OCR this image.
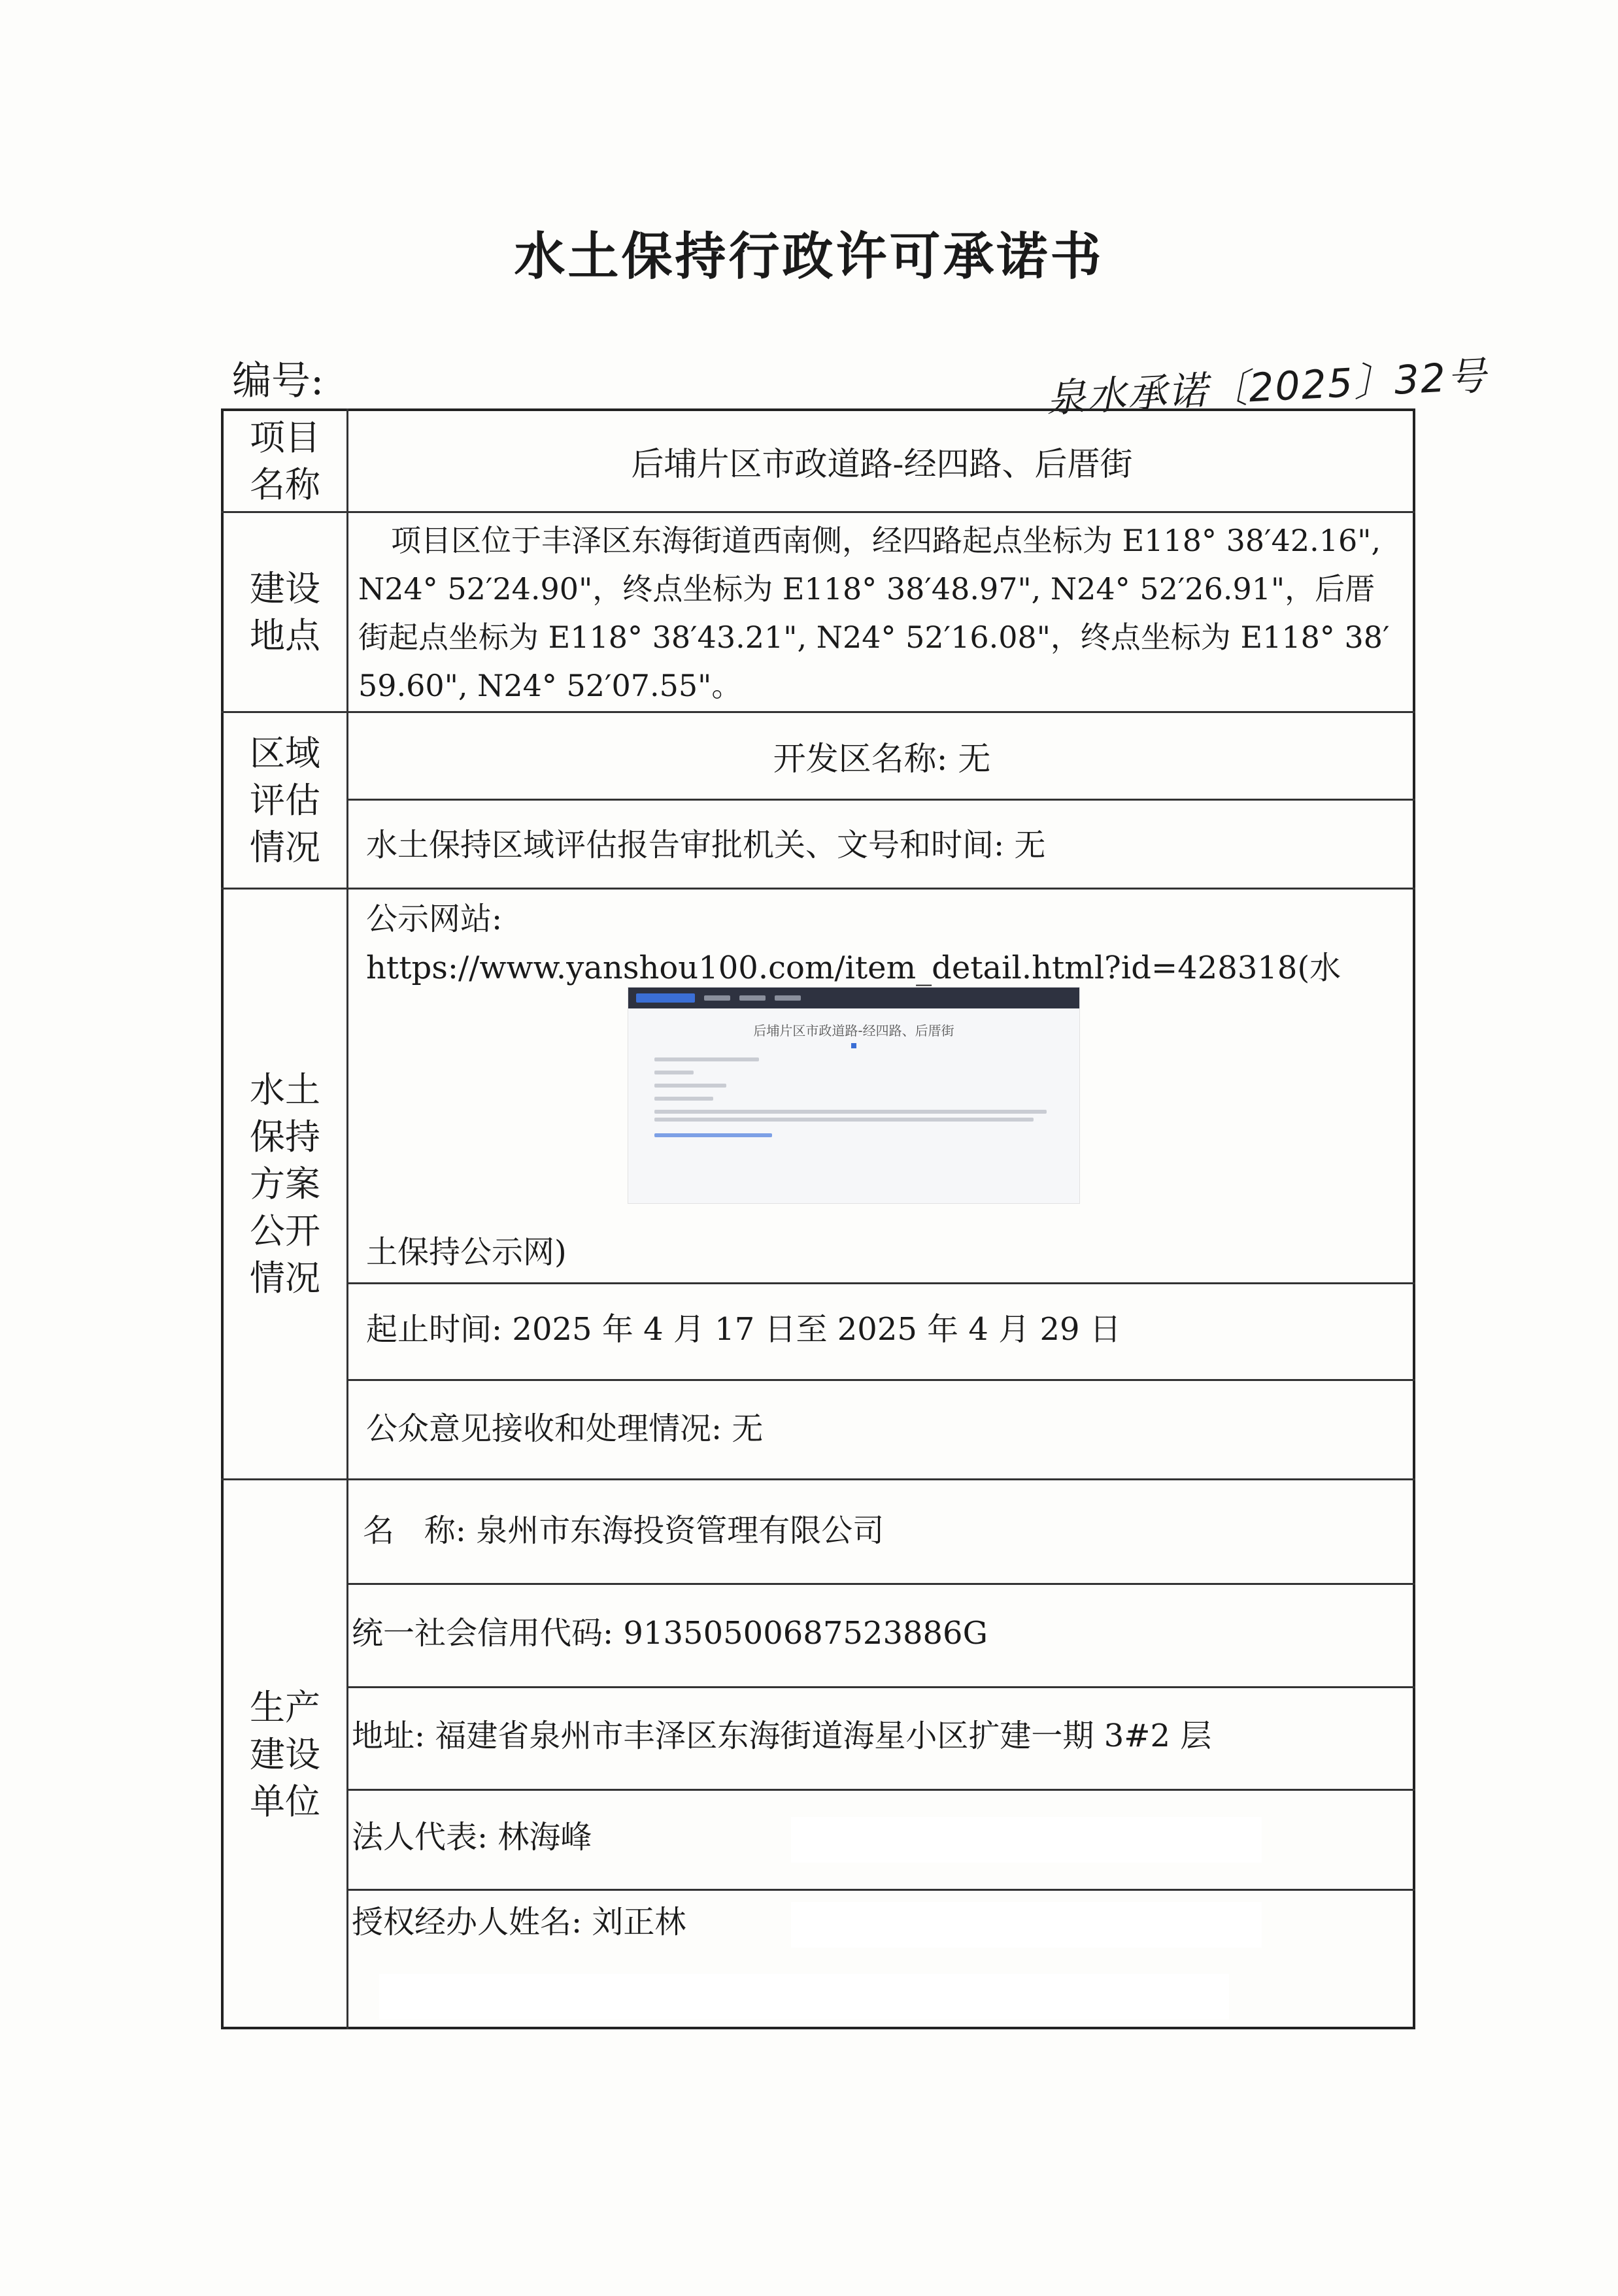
水土保持行政许可承诺书
编号:	泉水承诺〔2025〕32号
项目
名称	后埔片区市政道路-经四路、后厝街
建设
地点
项目区位于丰泽区东海街道西南侧，经四路起点坐标为 E118° 38′42.16", N24° 52′24.90"，终点坐标为 E118° 38′48.97", N24° 52′26.91"，后厝街起点坐标为 E118° 38′43.21", N24° 52′16.08"，终点坐标为 E118° 38′59.60", N24° 52′07.55"。
区域
评估
情况
开发区名称: 无
水土保持区域评估报告审批机关、文号和时间: 无
水土
保持
方案
公开
情况
公示网站:
https://www.yanshou100.com/item_detail.html?id=428318(水
后埔片区市政道路-经四路、后厝街
土保持公示网)
起止时间: 2025 年 4 月 17 日至 2025 年 4 月 29 日
公众意见接收和处理情况: 无
生产
建设
单位
名   称: 泉州市东海投资管理有限公司
统一社会信用代码: 91350500687523886G
地址: 福建省泉州市丰泽区东海街道海星小区扩建一期 3#2 层
法人代表: 林海峰
授权经办人姓名: 刘正林
